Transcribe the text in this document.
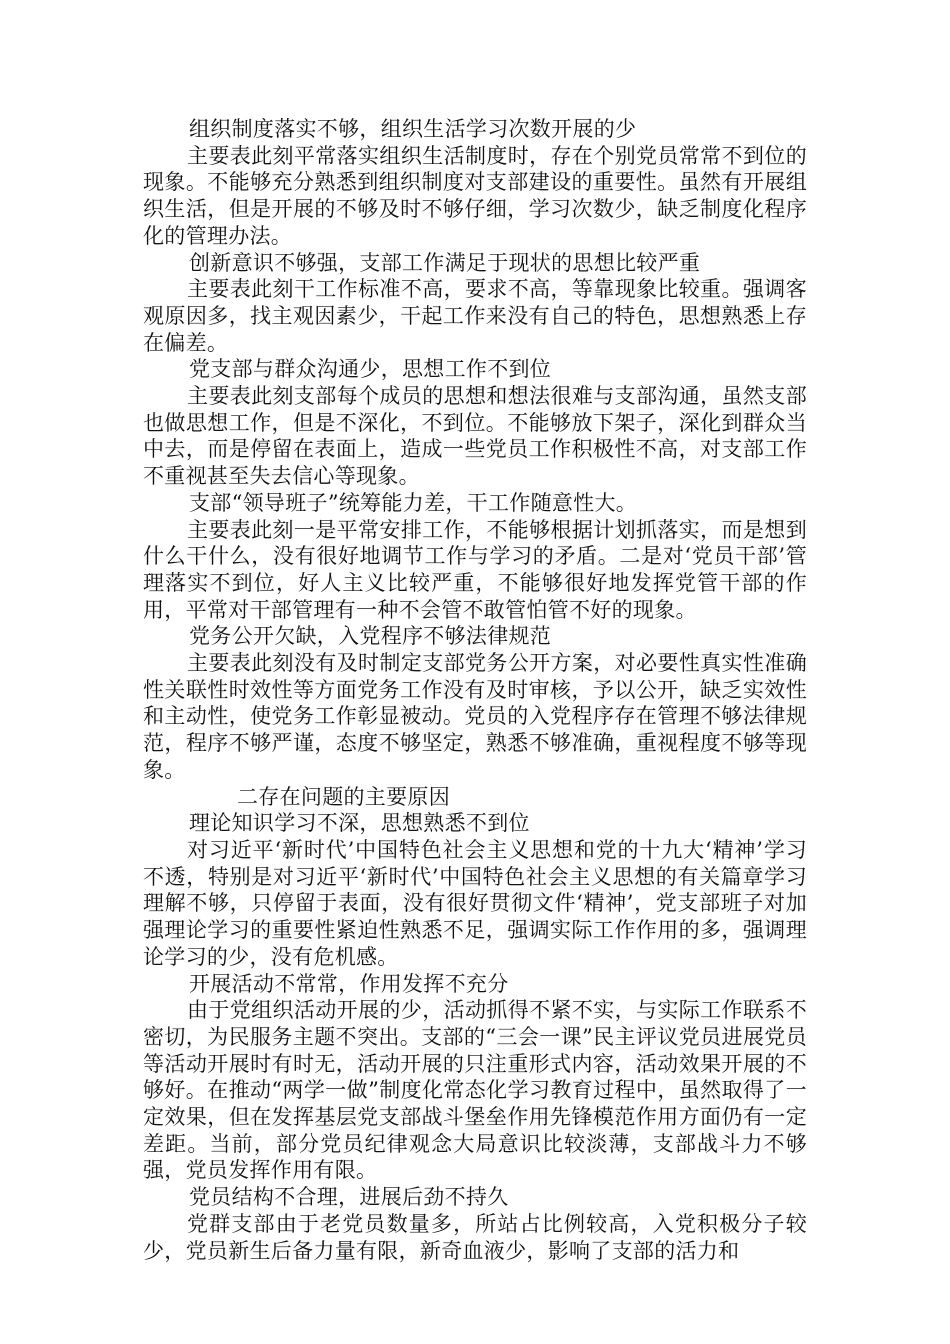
组织制度落实不够，组织生活学习次数开展的少

主要表此刻平常落实组织生活制度时，存在个别党员常常不到位的现象。不能够充分熟悉到组织制度对支部建设的重要性。虽然有开展组织生活，但是开展的不够及时不够仔细，学习次数少，缺乏制度化程序化的管理办法。

创新意识不够强，支部工作满足于现状的思想比较严重

主要表此刻干工作标准不高，要求不高，等靠现象比较重。强调客观原因多，找主观因素少，干起工作来没有自己的特色，思想熟悉上存在偏差。

党支部与群众沟通少，思想工作不到位

主要表此刻支部每个成员的思想和想法很难与支部沟通，虽然支部也做思想工作，但是不深化，不到位。不能够放下架子，深化到群众当中去，而是停留在表面上，造成一些党员工作积极性不高，对支部工作不重视甚至失去信心等现象。

支部“领导班子”统筹能力差，干工作随意性大。

主要表此刻一是平常安排工作，不能够根据计划抓落实，而是想到什么干什么，没有很好地调节工作与学习的矛盾。二是对‘党员干部’管理落实不到位，好人主义比较严重，不能够很好地发挥党管干部的作用，平常对干部管理有一种不会管不敢管怕管不好的现象。

党务公开欠缺，入党程序不够法律规范

主要表此刻没有及时制定支部党务公开方案，对必要性真实性准确性关联性时效性等方面党务工作没有及时审核，予以公开，缺乏实效性和主动性，使党务工作彰显被动。党员的入党程序存在管理不够法律规范，程序不够严谨，态度不够坚定，熟悉不够准确，重视程度不够等现象。

二存在问题的主要原因

理论知识学习不深，思想熟悉不到位

对习近平‘新时代’中国特色社会主义思想和党的十九大‘精神’学习不透，特别是对习近平‘新时代’中国特色社会主义思想的有关篇章学习理解不够，只停留于表面，没有很好贯彻文件‘精神’，党支部班子对加强理论学习的重要性紧迫性熟悉不足，强调实际工作作用的多，强调理论学习的少，没有危机感。

开展活动不常常，作用发挥不充分

由于党组织活动开展的少，活动抓得不紧不实，与实际工作联系不密切，为民服务主题不突出。支部的“三会一课”民主评议党员进展党员等活动开展时有时无，活动开展的只注重形式内容，活动效果开展的不够好。在推动“两学一做”制度化常态化学习教育过程中，虽然取得了一定效果，但在发挥基层党支部战斗堡垒作用先锋模范作用方面仍有一定差距。当前，部分党员纪律观念大局意识比较淡薄，支部战斗力不够强，党员发挥作用有限。

党员结构不合理，进展后劲不持久

党群支部由于老党员数量多，所站占比例较高，入党积极分子较少，党员新生后备力量有限，新奇血液少，影响了支部的活力和
